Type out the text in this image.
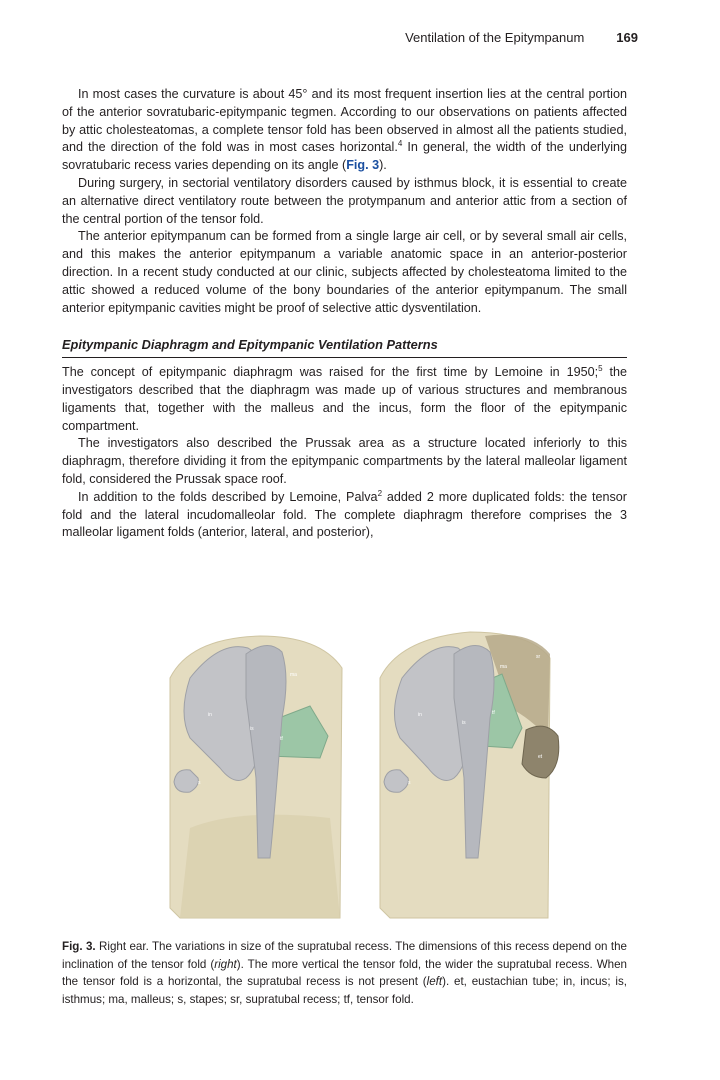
Ventilation of the Epitympanum 169

In most cases the curvature is about 45° and its most frequent insertion lies at the central portion of the anterior sovratubaric-epitympanic tegmen. According to our observations on patients affected by attic cholesteatomas, a complete tensor fold has been observed in almost all the patients studied, and the direction of the fold was in most cases horizontal.$^4$ In general, the width of the underlying sovratubaric recess varies depending on its angle (Fig. 3).

During surgery, in sectorial ventilatory disorders caused by isthmus block, it is essential to create an alternative direct ventilatory route between the protympanum and anterior attic from a section of the central portion of the tensor fold.

The anterior epitympanum can be formed from a single large air cell, or by several small air cells, and this makes the anterior epitympanum a variable anatomic space in an anterior-posterior direction. In a recent study conducted at our clinic, subjects affected by cholesteatoma limited to the attic showed a reduced volume of the bony boundaries of the anterior epitympanum. The small anterior epitympanic cavities might be proof of selective attic dysventilation.

Epitympanic Diaphragm and Epitympanic Ventilation Patterns

The concept of epitympanic diaphragm was raised for the first time by Lemoine in 1950;$^5$ the investigators described that the diaphragm was made up of various structures and membranous ligaments that, together with the malleus and the incus, form the floor of the epitympanic compartment.

The investigators also described the Prussak area as a structure located inferiorly to this diaphragm, therefore dividing it from the epitympanic compartments by the lateral malleolar ligament fold, considered the Prussak space roof.

In addition to the folds described by Lemoine, Palva$^2$ added 2 more duplicated folds: the tensor fold and the lateral incudomalleolar fold. The complete diaphragm therefore comprises the 3 malleolar ligament folds (anterior, lateral, and posterior),

ma
in
is
tf
s
ma
in
is
tf
sr
et
s
Fig. 3. Right ear. The variations in size of the supratubal recess. The dimensions of this recess depend on the inclination of the tensor fold (right). The more vertical the tensor fold, the wider the supratubal recess. When the tensor fold is a horizontal, the supratubal recess is not present (left). et, eustachian tube; in, incus; is, isthmus; ma, malleus; s, stapes; sr, supratubal recess; tf, tensor fold.
